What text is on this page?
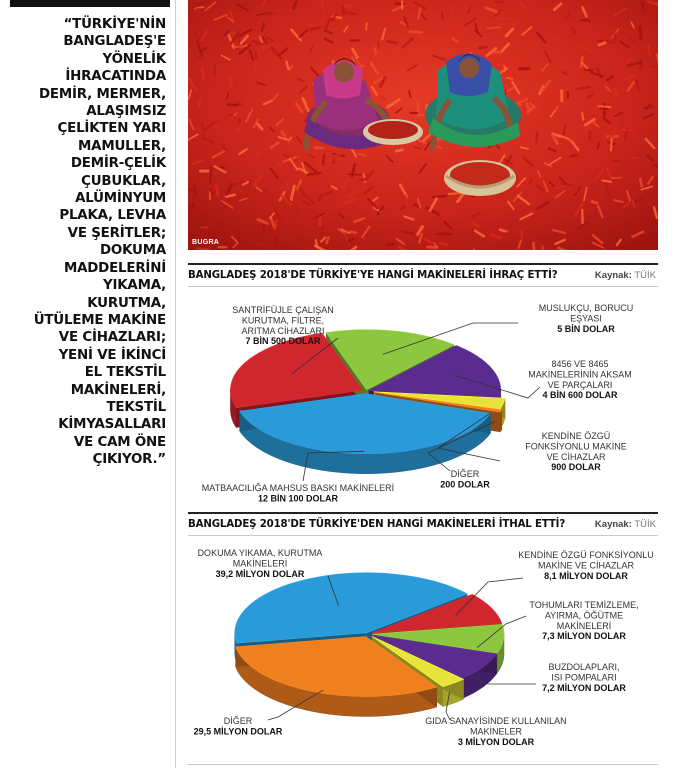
“TÜRKİYE'NİN
BANGLADEŞ'E
YÖNELİK
İHRACATINDA
DEMİR, MERMER,
ALAŞIMSIZ
ÇELİKTEN YARI
MAMULLER,
DEMİR-ÇELİK
ÇUBUKLAR,
ALÜMİNYUM
PLAKA, LEVHA
VE ŞERİTLER;
DOKUMA
MADDELERİNİ
YIKAMA,
KURUTMA,
ÜTÜLEME MAKİNE
VE CİHAZLARI;
YENİ VE İKİNCİ
EL TEKSTİL
MAKİNELERİ,
TEKSTİL
KİMYASALLARI
VE CAM ÖNE
ÇIKIYOR.”
BUGRA
SANTRİFÜJLE ÇALIŞAN
KURUTMA, FİLTRE,
ARITMA CİHAZLARI
7 BİN 500 DOLAR
MUSLUKÇU, BORUCU
EŞYASI
5 BİN DOLAR
8456 VE 8465
MAKİNELERİNİN AKSAM
VE PARÇALARI
4 BİN 600 DOLAR
KENDİNE ÖZGÜ
FONKSİYONLU MAKİNE
VE CİHAZLAR
900 DOLAR
DİĞER
200 DOLAR
MATBAACILIĞA MAHSUS BASKI MAKİNELERİ
12 BİN 100 DOLAR
BANGLADEŞ 2018'DE TÜRKİYE'YE HANGİ MAKİNELERİ İHRAÇ ETTİ?	Kaynak: TÜİK
DOKUMA YIKAMA, KURUTMA
MAKİNELERİ
39,2 MİLYON DOLAR
KENDİNE ÖZGÜ FONKSİYONLU
MAKİNE VE CİHAZLAR
8,1 MİLYON DOLAR
TOHUMLARI TEMİZLEME,
AYIRMA, ÖĞÜTME
MAKİNELERİ
7,3 MİLYON DOLAR
BUZDOLAPLARI,
ISI POMPALARI
7,2 MİLYON DOLAR
GIDA SANAYİSİNDE KULLANILAN
MAKİNELER
3 MİLYON DOLAR
DİĞER
29,5 MİLYON DOLAR
BANGLADEŞ 2018'DE TÜRKİYE'DEN HANGİ MAKİNELERİ İTHAL ETTİ?	Kaynak: TÜİK
